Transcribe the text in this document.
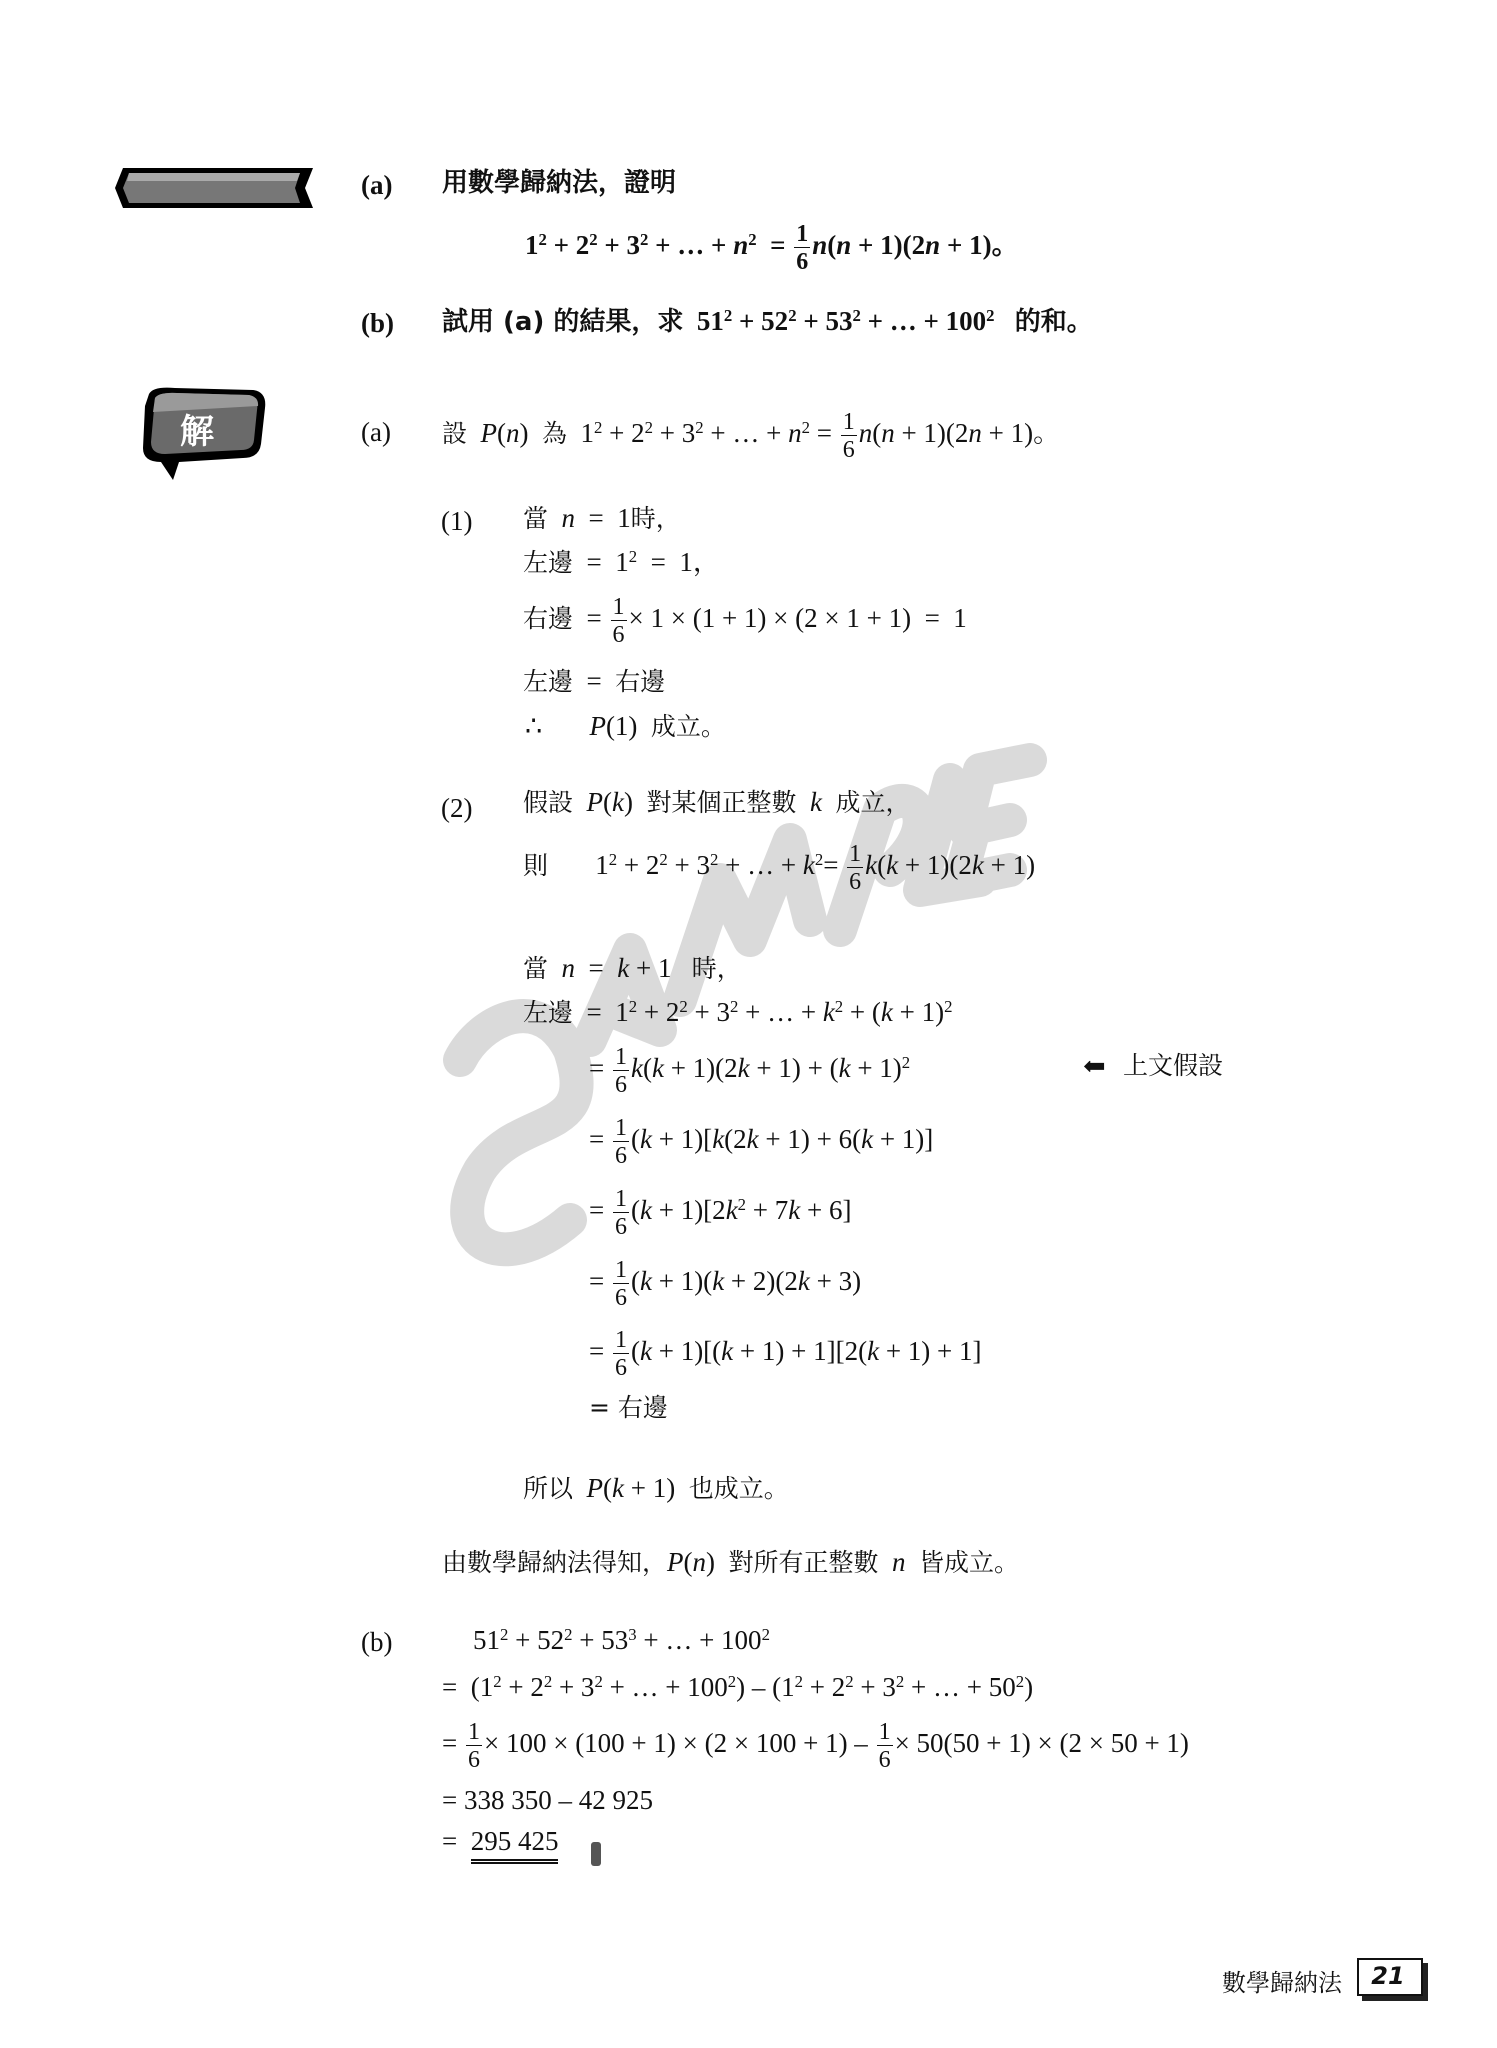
例題 1.2
(a) 用數學歸納法，證明
$1^2 + 2^2 + 3^2$ + … + $n^2 = \frac{1}{6} n(n + 1)(2n + 1)$。
(b) 試用 (a) 的結果，求  $51^2 + 52^2 + 53^2$ + … + $100^2$ 的和。
解	(a) 設 P(n)  為  $1^2 + 2^2 + 3^2$ + … + $n^2 = \frac{1}{6} n(n + 1)(2n + 1)$。
(1) 當 n  =  1時，
左邊  =  $1^2 = 1$，
右邊  = $\frac{1}{6} \times 1 \times (1 + 1) \times (2 \times 1 + 1) = 1$
左邊  =  右邊
∴ P(1)  成立。
(2) 假設 P(k)  對某個正整數 k 成立，
則       $1^2 + 2^2 + 3^2$ + … + $k^2= \frac{1}{6} k(k + 1)(2k + 1)$
當 n  =  k + 1   時，
左邊  =  $1^2 + 2^2 + 3^2$ + … + $k^2 + (k + 1)^2$
= $\frac{1}{6} k(k + 1)(2k + 1) + (k + 1)^2$	⬅ 上文假設
= $\frac{1}{6} (k + 1)[k(2k + 1) + 6(k + 1)]$
= $\frac{1}{6} (k + 1)[2k^2 + 7k + 6]$
= $\frac{1}{6} (k + 1)(k + 2)(2k + 3)$
= $\frac{1}{6} (k + 1)[(k + 1) + 1][2(k + 1) + 1]$
= 右邊
所以 P(k + 1)  也成立。
由數學歸納法得知，P(n)  對所有正整數 n 皆成立。
(b)	$51^2 + 52^2 + 53^3$ + … + $100^2$
=  ($1^2 + 2^2 + 3^2$ + … + $100^2) - (1^2 + 2^2 + 3^2$ + … + $50^2$)
= $\frac{1}{6} \times 100 \times (100 + 1) \times (2 \times 100 + 1) - \frac{1}{6} \times 50(50 + 1) \times (2 \times 50 + 1)$
= 338 350 – 42 925
=  295 425
數學歸納法	21
